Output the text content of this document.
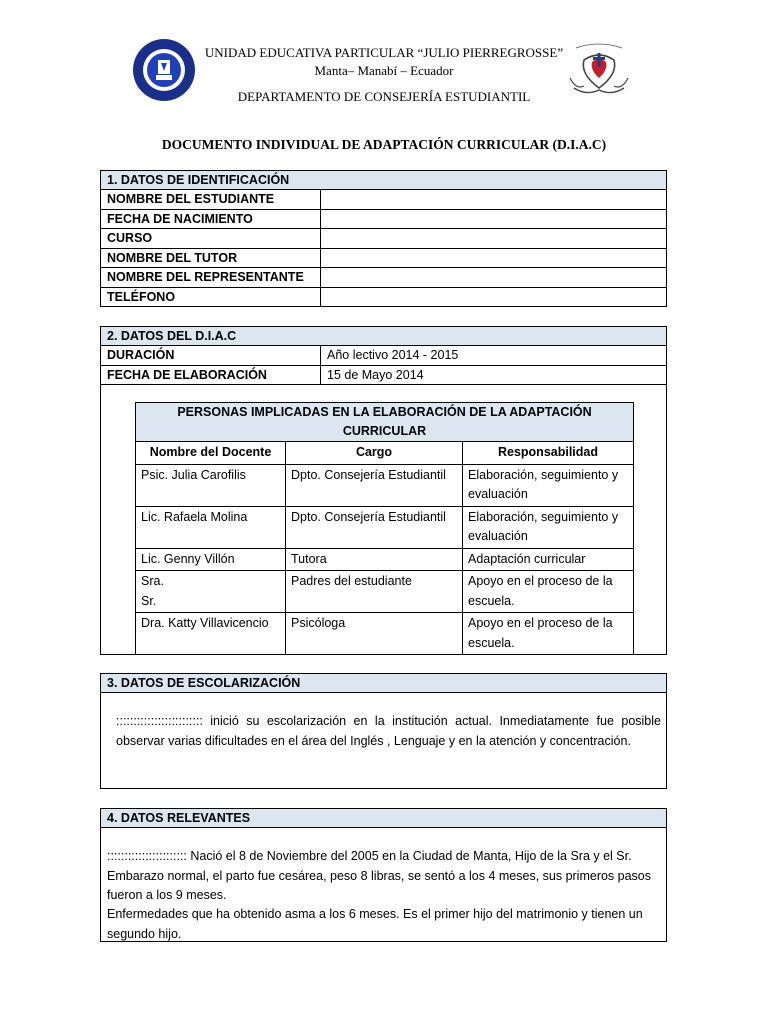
UNIDAD EDUCATIVA PARTICULAR “JULIO PIERREGROSSE”
Manta– Manabí – Ecuador
DEPARTAMENTO DE CONSEJERÍA ESTUDIANTIL
DOCUMENTO INDIVIDUAL DE ADAPTACIÓN CURRICULAR (D.I.A.C)
1. DATOS DE IDENTIFICACIÓN
NOMBRE DEL ESTUDIANTE
FECHA DE NACIMIENTO
CURSO
NOMBRE DEL TUTOR
NOMBRE DEL REPRESENTANTE
TELÉFONO
2. DATOS DEL D.I.A.C
DURACIÓN	Año lectivo 2014 - 2015
FECHA DE ELABORACIÓN	15 de Mayo 2014
PERSONAS IMPLICADAS EN LA ELABORACIÓN DE LA ADAPTACIÓN CURRICULAR		
Nombre del Docente	Cargo	Responsabilidad
Psic. Julia Carofilis	Dpto. Consejería Estudiantil	Elaboración, seguimiento y evaluación
Lic. Rafaela Molina	Dpto. Consejería Estudiantil	Elaboración, seguimiento y evaluación
Lic. Genny Villón	Tutora	Adaptación curricular

Sra.
Sr.	Padres del estudiante	Apoyo en el proceso de la escuela.
Dra. Katty Villavicencio	Psicóloga	Apoyo en el proceso de la escuela.
3. DATOS DE ESCOLARIZACIÓN
::::::::::::::::::::::::: inició su escolarización en la institución actual. Inmediatamente fue posible observar varias dificultades en el área del Inglés , Lenguaje y en la atención y concentración.
4. DATOS RELEVANTES
::::::::::::::::::::::: Nació el 8 de Noviembre del 2005 en la Ciudad de Manta, Hijo de la Sra y el Sr. Embarazo normal, el parto fue cesárea, peso 8 libras, se sentó a los 4 meses, sus primeros pasos fueron a los 9 meses.
Enfermedades que ha obtenido asma a los 6 meses. Es el primer hijo del matrimonio y tienen un segundo hijo.
